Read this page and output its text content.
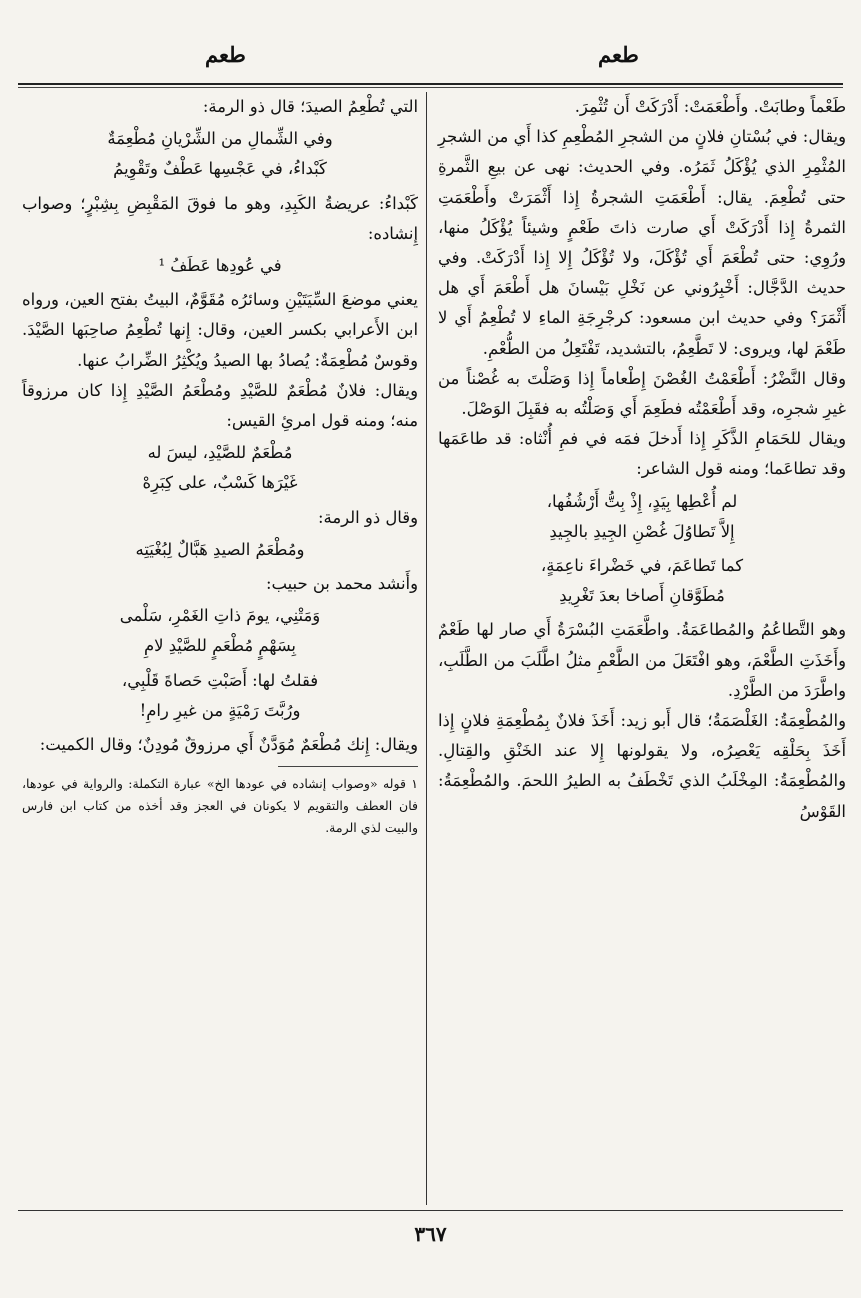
طعم	طعم

طَعْماً وطابَتْ. وأَطْعَمَتْ: أَدْرَكَتْ أَن تُثْمِرَ.

ويقال: في بُسْتانِ فلانٍ من الشجرِ المُطْعِمِ كذا أَي من الشجرِ المُثْمِرِ الذي يُؤْكَلُ ثَمَرُه. وفي الحديث: نهى عن بيعِ الثَّمرةِ حتى تُطْعِمَ. يقال: أَطْعَمَتِ الشجرةُ إِذا أَثْمَرَتْ وأَطْعَمَتِ الثمرةُ إِذا أَدْرَكَتْ أَي صارت ذاتَ طَعْمٍ وشيئاً يُؤْكَلُ منها، ورُوِي: حتى تُطْعَمَ أَي تُؤْكَلَ، ولا تُؤْكَلُ إِلا إِذا أَدْرَكَتْ. وفي حديث الدَّجَّال: أَخْبِرُوني عن نَخْلِ بَيْسانَ هل أَطْعَمَ أَي هل أَثْمَرَ؟ وفي حديث ابن مسعود: كرجْرِجَةِ الماءِ لا تُطْعِمُ أَي لا طَعْمَ لها، ويروى: لا تَطَّعِمُ، بالتشديد، تَفْتَعِلُ من الطُّعْمِ.

وقال النَّضْرُ: أَطْعَمْتُ الغُصْنَ إِطْعاماً إِذا وَصَلْتَ به غُصْناً من غيرِ شجرِه، وقد أَطْعَمْتُه فطَعِمَ أَي وَصَلْتُه به فقَبِلَ الوَصْلَ.

ويقال للحَمَامِ الذَّكَرِ إِذا أَدخلَ فمَه في فمِ أُنْثاه: قد طاعَمَها وقد تطاعَما؛ ومنه قول الشاعر:

لم أُعْطِها بِيَدٍ، إِذْ بِتُّ أَرْشُفُها،
إِلاَّ تَطاوُلَ غُصْنِ الجِيدِ بالجِيدِ
كما تَطاعَمَ، في خَضْراءَ ناعِمَةٍ،
مُطَوَّقانِ أَصاخا بعدَ تَغْرِيدِ

وهو التَّطاعُمُ والمُطاعَمَةُ. واطَّعَمَتِ البُسْرَةُ أَي صار لها طَعْمٌ وأَخَذَتِ الطَّعْمَ، وهو افْتَعَلَ من الطَّعْمِ مثلُ اطَّلَبَ من الطَّلَبِ، واطَّرَدَ من الطَّرْدِ.

والمُطْعِمَةُ: الغَلْصَمَةُ؛ قال أَبو زيد: أَخَذَ فلانٌ بِمُطْعِمَةِ فلانٍ إِذا أَخَذَ بِحَلْقِه يَعْصِرُه، ولا يقولونها إِلا عند الخَنْقِ والقِتالِ. والمُطْعِمَةُ: المِخْلَبُ الذي تَخْطَفُ به الطيرُ اللحمَ. والمُطْعِمَةُ: القَوْسُ

التي تُطْعِمُ الصيدَ؛ قال ذو الرمة:

وفي الشِّمالِ من الشِّرْيانِ مُطْعِمَةٌ
كَبْداءُ، في عَجْسِها عَطْفٌ وتَقْوِيمُ

كَبْداءُ: عريضةُ الكَبِدِ، وهو ما فوقَ المَقْبِضِ بِشِبْرٍ؛ وصواب إِنشاده:

في عُودِها عَطَفُ ¹

يعني موضعَ السِّيَتَيْنِ وسائرُه مُقَوَّمٌ، البيتُ بفتح العين، ورواه ابن الأَعرابي بكسر العين، وقال: إِنها تُطْعِمُ صاحِبَها الصَّيْدَ. وقوسٌ مُطْعِمَةٌ: يُصادُ بها الصيدُ ويُكْثِرُ الضِّرابُ عنها.

ويقال: فلانٌ مُطْعَمٌ للصَّيْدِ ومُطْعَمُ الصَّيْدِ إِذا كان مرزوقاً منه؛ ومنه قول امرئِ القيس:

مُطْعَمٌ للصَّيْدِ، ليسَ له
غَيْرَها كَسْبٌ، على كِبَرِهْ

وقال ذو الرمة:

ومُطْعَمُ الصيدِ هَبَّالٌ لِبُغْيَتِه

وأَنشد محمد بن حبيب:

وَمَتْنِي، يومَ ذاتِ الغَمْرِ، سَلْمى
بِسَهْمٍ مُطْعَمٍ للصَّيْدِ لامِ
فقلتُ لها: أَصَبْتِ حَصاةَ قَلْبِي،
ورُبَّتَ رَمْيَةٍ من غيرِ رامِ!

ويقال: إِنك مُطْعَمٌ مُوَدَّنٌ أَي مرزوقٌ مُودِنٌ؛ وقال الكميت:

١ قوله «وصواب إنشاده في عودها الخ» عبارة التكملة: والرواية في عودها، فان العطف والتقويم لا يكونان في العجز وقد أخذه من كتاب ابن فارس والبيت لذي الرمة.
٣٦٧
